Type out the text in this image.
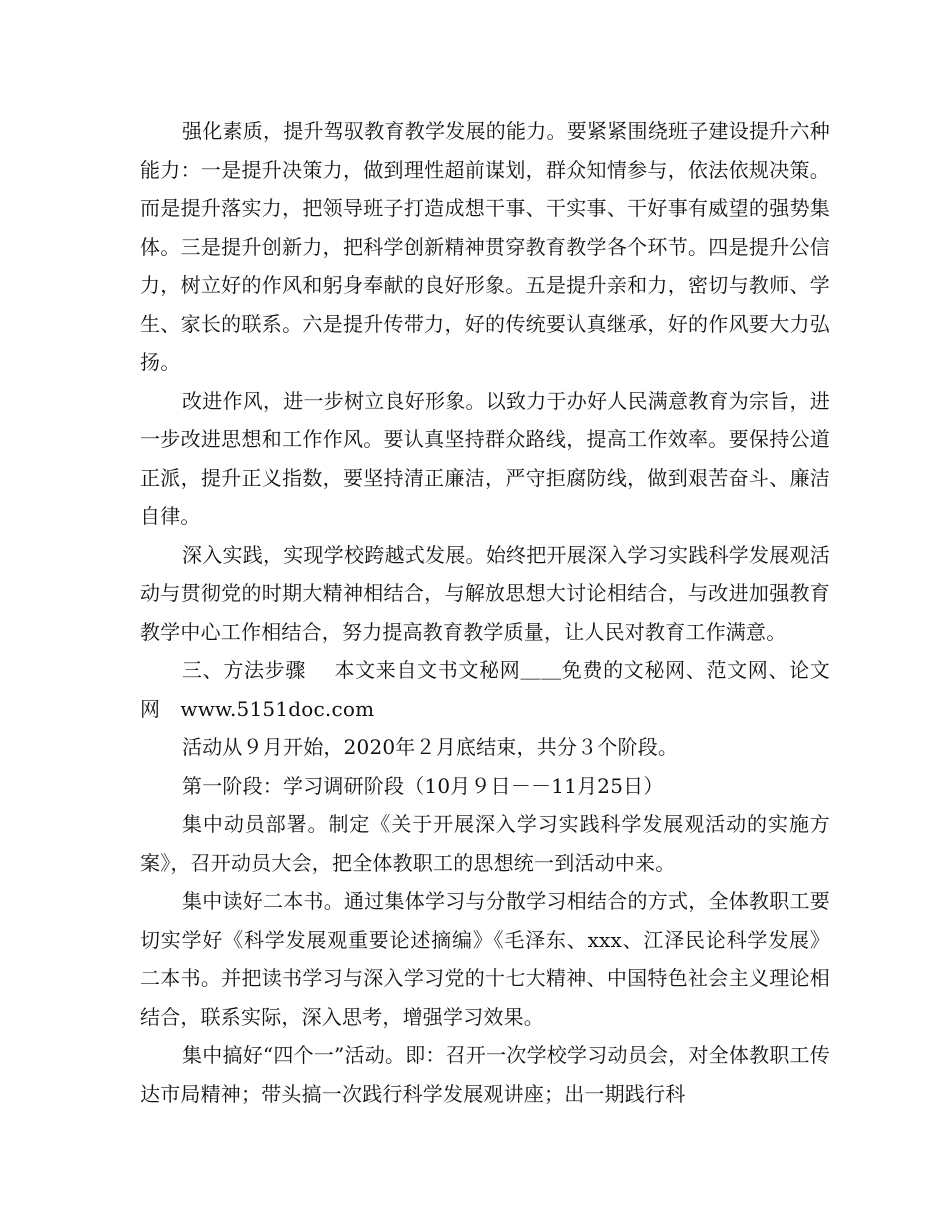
强化素质，提升驾驭教育教学发展的能力。要紧紧围绕班子建设提升六种能力：一是提升决策力，做到理性超前谋划，群众知情参与，依法依规决策。而是提升落实力，把领导班子打造成想干事、干实事、干好事有威望的强势集体。三是提升创新力，把科学创新精神贯穿教育教学各个环节。四是提升公信力，树立好的作风和躬身奉献的良好形象。五是提升亲和力，密切与教师、学生、家长的联系。六是提升传带力，好的传统要认真继承，好的作风要大力弘扬。

改进作风，进一步树立良好形象。以致力于办好人民满意教育为宗旨，进一步改进思想和工作作风。要认真坚持群众路线，提高工作效率。要保持公道正派，提升正义指数，要坚持清正廉洁，严守拒腐防线，做到艰苦奋斗、廉洁自律。

深入实践，实现学校跨越式发展。始终把开展深入学习实践科学发展观活动与贯彻党的时期大精神相结合，与解放思想大讨论相结合，与改进加强教育教学中心工作相结合，努力提高教育教学质量，让人民对教育工作满意。

三、方法步骤 本文来自文书文秘网＿＿免费的文秘网、范文网、论文网　www.5151doc.com

活动从９月开始，2020年２月底结束，共分３个阶段。

第一阶段：学习调研阶段（10月９日－－11月25日）

集中动员部署。制定《关于开展深入学习实践科学发展观活动的实施方案》，召开动员大会，把全体教职工的思想统一到活动中来。

集中读好二本书。通过集体学习与分散学习相结合的方式，全体教职工要切实学好《科学发展观重要论述摘编》《毛泽东、xxx、江泽民论科学发展》二本书。并把读书学习与深入学习党的十七大精神、中国特色社会主义理论相结合，联系实际，深入思考，增强学习效果。

集中搞好“四个一”活动。即：召开一次学校学习动员会，对全体教职工传达市局精神；带头搞一次践行科学发展观讲座；出一期践行科
